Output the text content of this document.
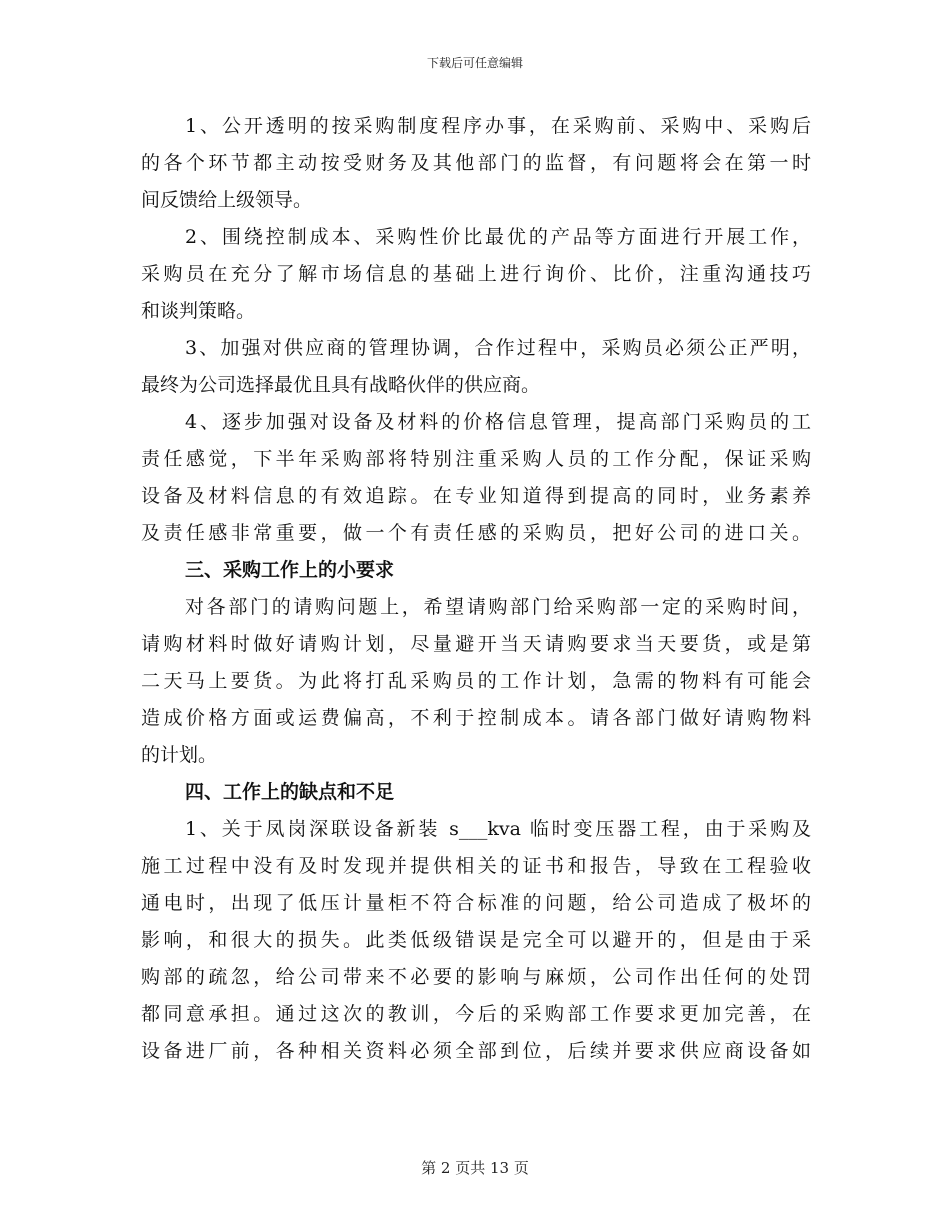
下载后可任意编辑
1、公开透明的按采购制度程序办事，在采购前、采购中、采购后
的各个环节都主动按受财务及其他部门的监督，有问题将会在第一时
间反馈给上级领导。
2、围绕控制成本、采购性价比最优的产品等方面进行开展工作，
采购员在充分了解市场信息的基础上进行询价、比价，注重沟通技巧
和谈判策略。
3、加强对供应商的管理协调，合作过程中，采购员必须公正严明，
最终为公司选择最优且具有战略伙伴的供应商。
4、逐步加强对设备及材料的价格信息管理，提高部门采购员的工
责任感觉，下半年采购部将特别注重采购人员的工作分配，保证采购
设备及材料信息的有效追踪。在专业知道得到提高的同时，业务素养
及责任感非常重要，做一个有责任感的采购员，把好公司的进口关。
三、采购工作上的小要求
对各部门的请购问题上，希望请购部门给采购部一定的采购时间，
请购材料时做好请购计划，尽量避开当天请购要求当天要货，或是第
二天马上要货。为此将打乱采购员的工作计划，急需的物料有可能会
造成价格方面或运费偏高，不利于控制成本。请各部门做好请购物料
的计划。
四、工作上的缺点和不足
1、关于凤岗深联设备新装 s___kva 临时变压器工程，由于采购及
施工过程中没有及时发现并提供相关的证书和报告，导致在工程验收
通电时，出现了低压计量柜不符合标准的问题，给公司造成了极坏的
影响，和很大的损失。此类低级错误是完全可以避开的，但是由于采
购部的疏忽，给公司带来不必要的影响与麻烦，公司作出任何的处罚
都同意承担。通过这次的教训，今后的采购部工作要求更加完善，在
设备进厂前，各种相关资料必须全部到位，后续并要求供应商设备如
第 2 页共 13 页
